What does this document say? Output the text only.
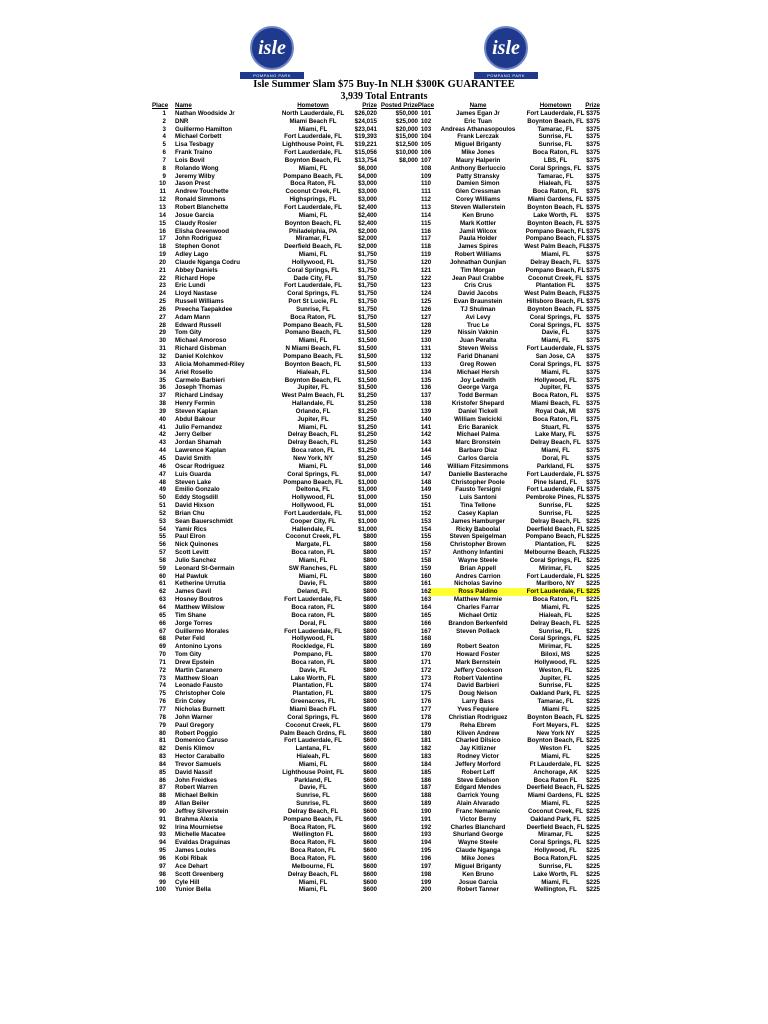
isle
POMPANO PARK
isle
POMPANO PARK
Isle Summer Slam $75 Buy-In NLH $300K GUARANTEE
3,939 Total Entrants
Place Name	Hometown	Prize Posted Prize Place	Name	Hometown	Prize
1 Nathan Woodside Jr	North Lauderdale, FL	$26,020	$50,000 101	James Egan Jr	Fort Lauderdale, FL $375
2 DNR	Miami Beach FL	$24,015	$25,000 102	Eric Tuan	Boynton Beach, FL $375
3 Guillermo Hamilton	Miami, FL	$23,041	$20,000 103	Andreas Athanasopoulos	Tamarac, FL	$375
4 Michael Corbett	Fort Lauderdale, FL	$19,393	$15,000 104	Frank Lerczak	Sunrise, FL	$375
5 Lisa Tesbagy	Lighthouse Point, FL	$19,221	$12,500 105	Miguel Briganty	Sunrise, FL	$375
6 Frank Traino	Fort Lauderdale, FL	$15,056	$10,000 106	Mike Jones	Boca Raton, FL	$375
7 Lois Bovil	Boynton Beach, FL	$13,754	$8,000 107	Maury Halperin	LBS, FL	$375
8 Rolando Wong	Miami, FL	$6,000	108	Anthony Berluccio	Coral Springs, FL $375
9 Jeremy Wilby	Pompano Beach, FL	$4,000	109	Patty Stransky	Tamarac, FL	$375
10 Jason Prest	Boca Raton, FL	$3,000	110	Damien Simon	Hialeah, FL	$375
11 Andrew Touchette	Coconut Creek, FL	$3,000	111	Glen Cressman	Boca Raton, FL	$375
12 Ronald Simmons	Highsprings, FL	$3,000	112	Corey Williams	Miami Gardens, FL $375
13 Robert Blanchette	Fort Lauderdale, FL	$2,400	113	Steven Wallerstein	Boynton Beach, FL $375
14 Josue Garcia	Miami, FL	$2,400	114	Ken Bruno	Lake Worth, FL	$375
15 Claudy Rosier	Boynton Beach, FL	$2,400	115	Mark Kottler	Boynton Beach, FL $375
16 Elisha Greenwood	Philadelphia, PA	$2,000	116	Jamil Wilcox	Pompano Beach, FL $375
17 John Rodriguez	Miramar, FL	$2,000	117	Paula Holder	Pompano Beach, FL $375
18 Stephen Gonot	Deerfield Beach, FL	$2,000	118	James Spires	West Palm Beach, FL $375
19 Adley Lago	Miami, FL	$1,750	119	Robert Williams	Miami, FL	$375
20 Claude Nganga Codru	Hollywood, FL	$1,750	120	Johnathan Ounjian	Delray Beach, FL $375
21 Abbey Daniels	Coral Springs, FL	$1,750	121	Tim Morgan	Pompano Beach, FL $375
22 Richard Hope	Dade City, FL	$1,750	122	Jean Paul Crabbe	Coconut Creek, FL $375
23 Eric Lundi	Fort Lauderdale, FL	$1,750	123	Cris Crus	Plantation FL	$375
24 Lloyd Nastase	Coral Springs, FL	$1,750	124	David Jacobs	West Palm Beach, FL $375
25 Russell Williams	Port St Lucie, FL	$1,750	125	Evan Braunstein	Hillsboro Beach, FL $375
26 Preecha Taepakdee	Sunrise, FL	$1,750	126	TJ Shulman	Boynton Beach, FL $375
27 Adam Mann	Boca Raton, FL	$1,750	127	Avi Levy	Coral Springs, FL $375
28 Edward Russell	Pompano Beach, FL	$1,500	128	Truc Le	Coral Springs, FL $375
29 Tom Gity	Pomano Beach, FL	$1,500	129	Nissin Vaknin	Davie, FL	$375
30 Michael Amoroso	Miami, FL	$1,500	130	Juan Peralta	Miami, FL	$375
31 Richard Gisbman	N Miami Beach, FL	$1,500	131	Steven Weiss	Fort Lauderdale, FL $375
32 Daniel Kolchkov	Pompano Beach, FL	$1,500	132	Farid Dhanani	San Jose, CA	$375
33 Alicia Mohammed-Riley	Boynton Beach, FL	$1,500	133	Greg Rowen	Coral Springs, FL $375
34 Ariel Rosello	Hialeah, FL	$1,500	134	Michael Hersh	Miami, FL	$375
35 Carmelo Barbieri	Boynton Beach, FL	$1,500	135	Joy Ledwith	Hollywood, FL	$375
36 Joseph Thomas	Jupiter, FL	$1,500	136	George Varga	Jupiter, FL	$375
37 Richard Lindsay	West Palm Beach, FL	$1,250	137	Todd Berman	Boca Raton, FL	$375
38 Henry Fermin	Hallandale, FL	$1,250	138	Kristofer Shepard	Miami Beach, FL	$375
39 Steven Kaplan	Orlando, FL	$1,250	139	Daniel Tickell	Royal Oak, MI	$375
40 Abdul Bakour	Jupiter, FL	$1,250	140	William Swicicki	Boca Raton, FL	$375
41 Julio Fernandez	Miami, FL	$1,250	141	Eric Baranick	Stuart, FL	$375
42 Jerry Gelber	Delray Beach, FL	$1,250	142	Michael Palma	Lake Mary, FL	$375
43 Jordan Shamah	Delray Beach, FL	$1,250	143	Marc Bronstein	Delray Beach, FL $375
44 Lawrence Kaplan	Boca raton, FL	$1,250	144	Barbaro Diaz	Miami, FL	$375
45 David Smith	New York, NY	$1,250	145	Carlos Garcia	Doral, FL	$375
46 Oscar Rodriguez	Miami, FL	$1,000	146	William Fitzsimmons	Parkland, FL	$375
47 Luis Guarda	Coral Springs, FL	$1,000	147	Danielle Basterache	Fort Lauderdale, FL $375
48 Steven Lake	Pompano Beach, FL	$1,000	148	Christopher Poole	Pine Island, FL	$375
49 Emilio Gonzalo	Deltona, FL	$1,000	149	Fausto Tersigni	Fort Lauderdale, FL $375
50 Eddy Stogsdill	Hollywood, FL	$1,000	150	Luis Santoni	Pembroke Pines, FL $375
51 David Hixson	Hollywood, FL	$1,000	151	Tina Tellone	Sunrise, FL	$225
52 Brian Chu	Fort Lauderdale, FL	$1,000	152	Casey Kaplan	Sunrise, FL	$225
53 Sean Bauerschmidt	Cooper City, FL	$1,000	153	James Hamburger	Delray Beach, FL $225
54 Yamir Rics	Hallendale, FL	$1,000	154	Ricky Baboolal	Deerfield Beach, FL $225
55 Paul Elron	Coconut Creek, FL	$800	155	Steven Speigelman	Pompano Beach, FL $225
56 Nick Quinones	Margate, FL	$800	156	Christopher Brown	Plantation, FL	$225
57 Scott Levitt	Boca raton, FL	$800	157	Anthony Infantini	Melbourne Beach, FL $225
58 Julio Sanchez	Miami, FL	$800	158	Wayne Steele	Coral Springs, FL $225
59 Leonard St-Germain	SW Ranches, FL	$800	159	Brian Appell	Mirimar, FL	$225
60 Hal Pawluk	Miami, FL	$800	160	Andres Carrion	Fort Lauderdale, FL $225
61 Ketherine Urrutia	Davie, FL	$800	161	Nicholas Savino	Marlboro, NY	$225
62 James Gavil	Deland, FL	$800	162	Ross Paldino	Fort Lauderdale, FL $225
63 Hosney Boutros	Fort Lauderdale, FL	$800	163	Matthew Marmie	Boca Raton, FL	$225
64 Matthew Wilslow	Boca raton, FL	$800	164	Charles Farrar	Miami, FL	$225
65 Tim Shane	Boca raton, FL	$800	165	Michael Ortiz	Hialeah, FL	$225
66 Jorge Torres	Doral, FL	$800	166	Brandon Berkenfeld	Delray Beach, FL $225
67 Guillermo Morales	Fort Lauderdale, FL	$800	167	Steven Pollack	Sunrise, FL	$225
68 Peter Feld	Hollywood, FL	$800	168	Coral Springs, FL $225
69 Antonino Lyons	Rockledge, FL	$800	169	Robert Seaton	Mirimar, FL	$225
70 Tom Gity	Pompano, FL	$800	170	Howard Foster	Biloxi, MS	$225
71 Drew Epstein	Boca raton, FL	$800	171	Mark Bernstein	Hollywood, FL	$225
72 Martin Caranero	Davie, FL	$800	172	Jeffery Cookson	Weston, FL	$225
73 Matthew Sloan	Lake Worth, FL	$800	173	Robert Valentine	Jupiter, FL	$225
74 Leonado Fausto	Plantation, FL	$800	174	David Barbieri	Sunrise, FL	$225
75 Christopher Cole	Plantation, FL	$800	175	Doug Nelson	Oakland Park, FL $225
76 Erin Coley	Greenacres, FL	$800	176	Larry Bass	Tamarac, FL	$225
77 Nicholas Burnett	Miami Beach FL	$800	177	Yves Fequiere	Miami FL	$225
78 John Warner	Coral Springs, FL	$600	178	Christian Rodriguez	Boynton Beach, FL $225
79 Paul Gregory	Coconut Creek, FL	$600	179	Reha Ebrem	Fort Meyers, FL	$225
80 Robert Poggio	Palm Beach Grdns, FL	$600	180	Kliven Andrew	New York NY	$225
81 Domenico Caruso	Fort Lauderdale, FL	$600	181	Charled Dilsico	Boynton Beach, FL $225
82 Denis Klimov	Lantana, FL	$600	182	Jay Kitlizner	Weston FL	$225
83 Hector Caraballo	Hialeah, FL	$600	183	Rodney Victor	Miami, FL	$225
84 Trevor Samuels	Miami, FL	$600	184	Jeffery Morford	Ft Lauderdale, FL $225
85 David Nassif	Lighthouse Point, FL	$600	185	Robert Leff	Anchorage, AK	$225
86 John Freidkes	Parkland, FL	$600	186	Steve Edelson	Boca Raton FL	$225
87 Robert Warren	Davie, FL	$600	187	Edgard Mendes	Deerfield Beach, FL $225
88 Michael Belkin	Sunrise, FL	$600	188	Garrick Young	Miami Gardens, FL $225
89 Allan Beiler	Sunrise, FL	$600	189	Alain Alvarado	Miami, FL	$225
90 Jeffrey Silverstein	Delray Beach, FL	$600	190	Franc Nemanic	Coconut Creek, FL $225
91 Brahma Alexia	Pompano Beach, FL	$600	191	Victor Berny	Oakland Park, FL $225
92 Irina Mournietse	Boca Raton, FL	$600	192	Charles Blanchard	Deerfield Beach, FL $225
93 Michelle Macatee	Wellington FL	$600	193	Shurland George	Miramar, FL	$225
94 Evaldas Draguinas	Boca Raton, FL	$600	194	Wayne Steele	Coral Springs, FL $225
95 James Loules	Boca Raton, FL	$600	195	Claude Nganga	Hollywood, FL	$225
96 Kobi Ribak	Boca Raton, FL	$600	196	Mike Jones	Boca Raton,FL	$225
97 Ace Dehart	Melbourne, FL	$600	197	Miguel Briganty	Sunrise, FL	$225
98 Scott Greenberg	Delray Beach, FL	$600	198	Ken Bruno	Lake Worth, FL	$225
99 Cyle Hill	Miami, FL	$600	199	Josue Garcia	Miami, FL	$225
100 Yunior Bella	Miami, FL	$600	200	Robert Tanner	Wellington, FL	$225
